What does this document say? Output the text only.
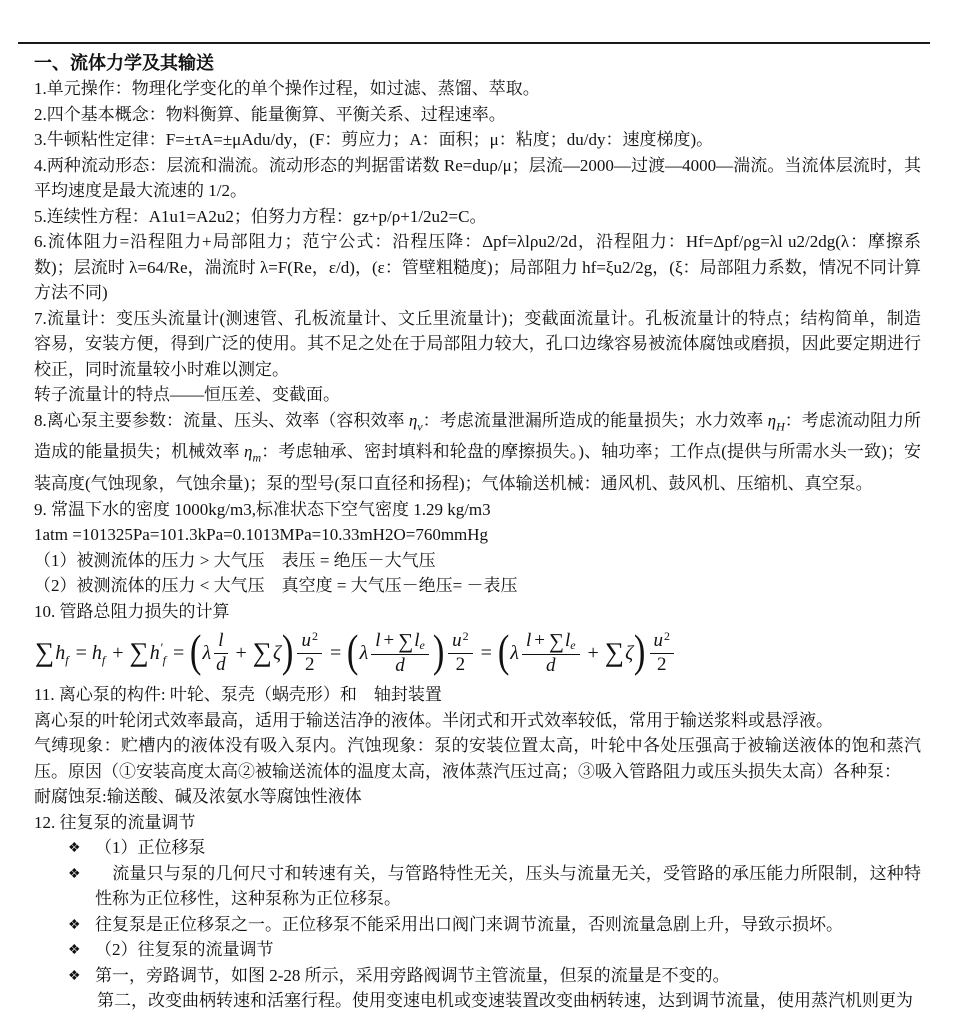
一、流体力学及其输送

1.单元操作：物理化学变化的单个操作过程，如过滤、蒸馏、萃取。

2.四个基本概念：物料衡算、能量衡算、平衡关系、过程速率。

3.牛顿粘性定律：F=±τA=±μAdu/dy，(F：剪应力；A：面积；μ：粘度；du/dy：速度梯度)。

4.两种流动形态：层流和湍流。流动形态的判据雷诺数 Re=duρ/μ；层流—2000—过渡—4000—湍流。当流体层流时，其平均速度是最大流速的 1/2。

5.连续性方程：A1u1=A2u2；伯努力方程：gz+p/ρ+1/2u2=C。

6.流体阻力=沿程阻力+局部阻力；范宁公式：沿程压降：Δpf=λlρu2/2d，沿程阻力：Hf=Δpf/ρg=λl u2/2dg(λ：摩擦系数)；层流时 λ=64/Re，湍流时 λ=F(Re，ε/d)，(ε：管壁粗糙度)；局部阻力 hf=ξu2/2g，(ξ：局部阻力系数，情况不同计算方法不同)

7.流量计：变压头流量计(测速管、孔板流量计、文丘里流量计)；变截面流量计。孔板流量计的特点；结构简单，制造容易，安装方便，得到广泛的使用。其不足之处在于局部阻力较大，孔口边缘容易被流体腐蚀或磨损，因此要定期进行校正，同时流量较小时难以测定。

转子流量计的特点——恒压差、变截面。

8.离心泵主要参数：流量、压头、效率（容积效率 $\eta_v$：考虑流量泄漏所造成的能量损失；水力效率 $\eta_H$：考虑流动阻力所造成的能量损失；机械效率 $\eta_m$：考虑轴承、密封填料和轮盘的摩擦损失。)、轴功率；工作点(提供与所需水头一致)；安装高度(气蚀现象，气蚀余量)；泵的型号(泵口直径和扬程)；气体输送机械：通风机、鼓风机、压缩机、真空泵。

9. 常温下水的密度 1000kg/m3,标准状态下空气密度 1.29 kg/m3

1atm =101325Pa=101.3kPa=0.1013MPa=10.33mH2O=760mmHg

（1）被测流体的压力 > 大气压　表压 = 绝压－大气压

（2）被测流体的压力 < 大气压　真空度 = 大气压－绝压= －表压

10. 管路总阻力损失的计算

∑ h f = h f + ∑ h ′
f = ( λ $\frac{l}{d}$ + ∑ ζ ) $\frac{u 2}{2}$ = ( λ $\frac{\text{l + ∑ l e}}{d}$ ) $\frac{u 2}{2}$ = ( λ $\frac{\text{l + ∑ l e}}{d}$ + ∑ ζ ) $\frac{u 2}{2}$

11. 离心泵的构件: 叶轮、泵壳（蜗壳形）和　轴封装置

离心泵的叶轮闭式效率最高，适用于输送洁净的液体。半闭式和开式效率较低，常用于输送浆料或悬浮液。

气缚现象：贮槽内的液体没有吸入泵内。汽蚀现象：泵的安装位置太高，叶轮中各处压强高于被输送液体的饱和蒸汽压。原因（①安装高度太高②被输送流体的温度太高，液体蒸汽压过高；③吸入管路阻力或压头损失太高）各种泵：

耐腐蚀泵:输送酸、碱及浓氨水等腐蚀性液体

12. 往复泵的流量调节

❖ （1）正位移泵
❖ 　流量只与泵的几何尺寸和转速有关，与管路特性无关，压头与流量无关，受管路的承压能力所限制，这种特性称为正位移性，这种泵称为正位移泵。
❖ 往复泵是正位移泵之一。正位移泵不能采用出口阀门来调节流量，否则流量急剧上升，导致示损坏。
❖ （2）往复泵的流量调节
❖ 第一，旁路调节，如图 2-28 所示，采用旁路阀调节主管流量，但泵的流量是不变的。

第二，改变曲柄转速和活塞行程。使用变速电机或变速装置改变曲柄转速，达到调节流量，使用蒸汽机则更为
